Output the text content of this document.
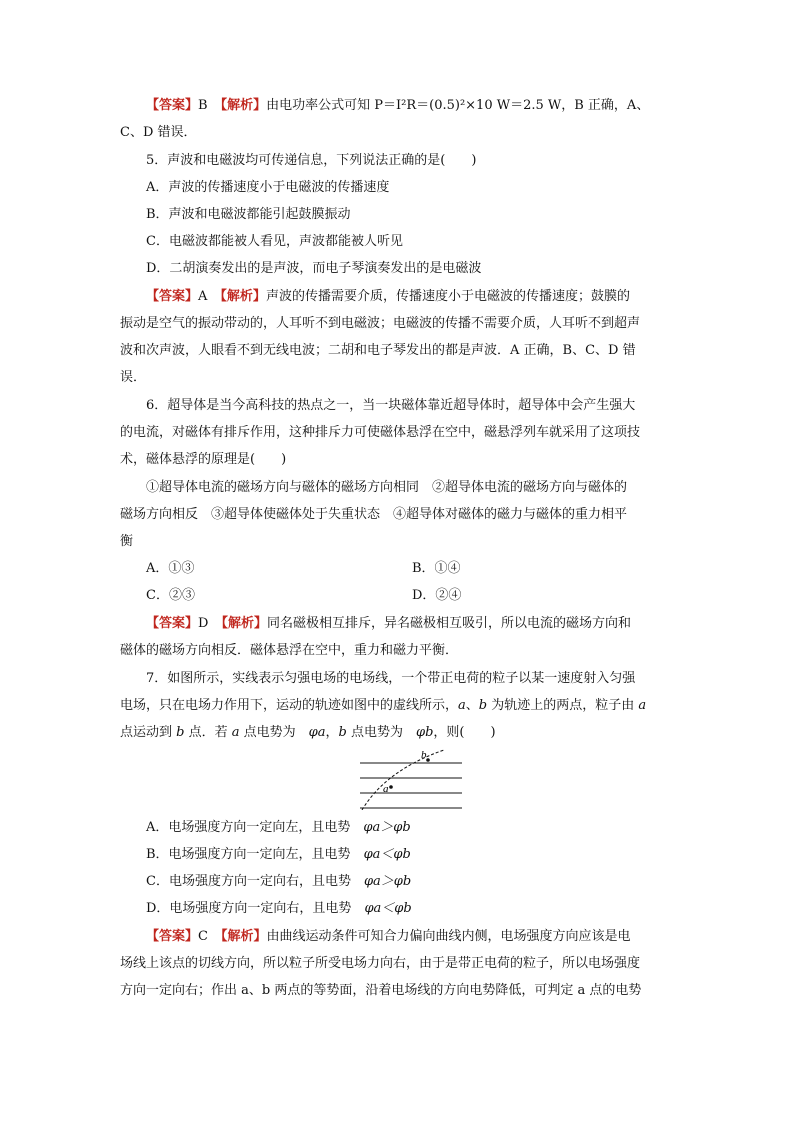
【答案】B　 【解析】由电功率公式可知 P＝I²R＝(0.5)²×10 W＝2.5 W，B 正确，A、
C、D 错误．
5．声波和电磁波均可传递信息，下列说法正确的是(　　)
A．声波的传播速度小于电磁波的传播速度
B．声波和电磁波都能引起鼓膜振动
C．电磁波都能被人看见，声波都能被人听见
D．二胡演奏发出的是声波，而电子琴演奏发出的是电磁波
【答案】A　 【解析】声波的传播需要介质，传播速度小于电磁波的传播速度；鼓膜的
振动是空气的振动带动的，人耳听不到电磁波；电磁波的传播不需要介质，人耳听不到超声
波和次声波，人眼看不到无线电波；二胡和电子琴发出的都是声波．A 正确，B、C、D 错
误．
6．超导体是当今高科技的热点之一，当一块磁体靠近超导体时，超导体中会产生强大
的电流，对磁体有排斥作用，这种排斥力可使磁体悬浮在空中，磁悬浮列车就采用了这项技
术，磁体悬浮的原理是(　　)
①超导体电流的磁场方向与磁体的磁场方向相同　②超导体电流的磁场方向与磁体的
磁场方向相反　③超导体使磁体处于失重状态　④超导体对磁体的磁力与磁体的重力相平
衡
A．①③	B．①④
C．②③	D．②④
【答案】D　 【解析】同名磁极相互排斥，异名磁极相互吸引，所以电流的磁场方向和
磁体的磁场方向相反．磁体悬浮在空中，重力和磁力平衡．
7．如图所示，实线表示匀强电场的电场线，一个带正电荷的粒子以某一速度射入匀强
电场，只在电场力作用下，运动的轨迹如图中的虚线所示，a、b 为轨迹上的两点，粒子由 a
点运动到 b 点．若 a 点电势为　φa，b 点电势为　φb，则(　　)
a
b
A．电场强度方向一定向左，且电势　φa＞φb
B．电场强度方向一定向左，且电势　φa＜φb
C．电场强度方向一定向右，且电势　φa＞φb
D．电场强度方向一定向右，且电势　φa＜φb
【答案】C　 【解析】由曲线运动条件可知合力偏向曲线内侧，电场强度方向应该是电
场线上该点的切线方向，所以粒子所受电场力向右，由于是带正电荷的粒子，所以电场强度
方向一定向右；作出 a、b 两点的等势面，沿着电场线的方向电势降低，可判定 a 点的电势
